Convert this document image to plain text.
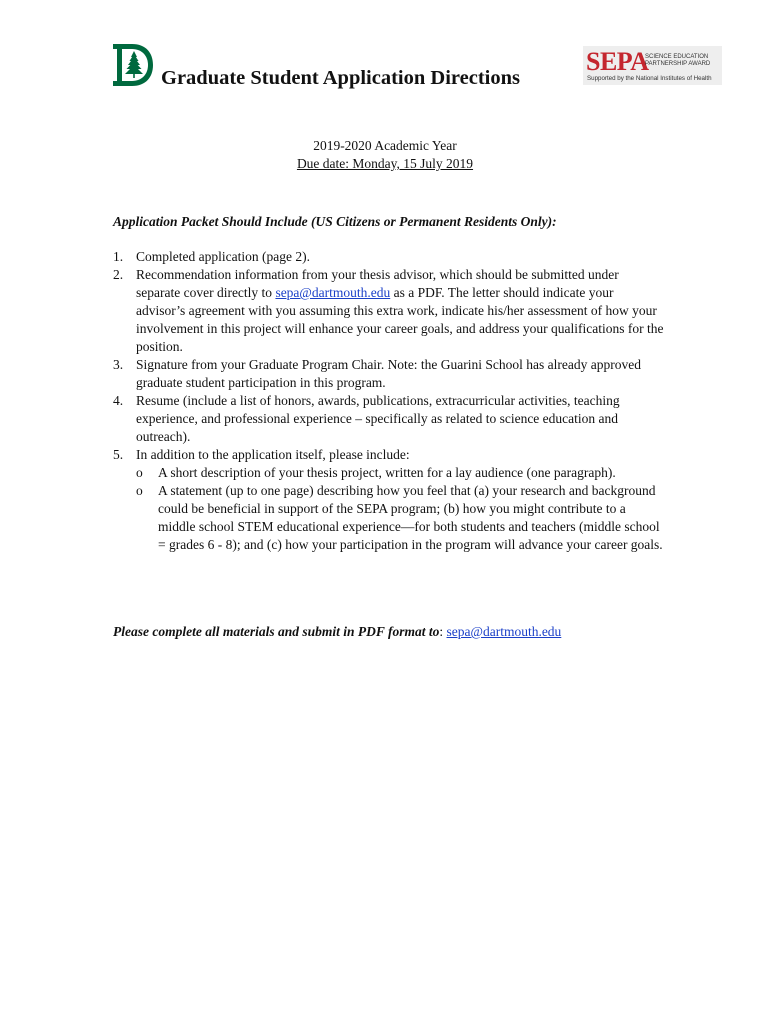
Graduate Student Application Directions
SEPA
SCIENCE EDUCATION
PARTNERSHIP AWARD
Supported by the National Institutes of Health
2019-2020 Academic Year
Due date: Monday, 15 July 2019
Application Packet Should Include (US Citizens or Permanent Residents Only):
1. Completed application (page 2).
2. Recommendation information from your thesis advisor, which should be submitted under separate cover directly to sepa@dartmouth.edu as a PDF. The letter should indicate your advisor’s agreement with you assuming this extra work, indicate his/her assessment of how your involvement in this project will enhance your career goals, and address your qualifications for the position.
3. Signature from your Graduate Program Chair. Note: the Guarini School has already approved graduate student participation in this program.
4. Resume (include a list of honors, awards, publications, extracurricular activities, teaching experience, and professional experience – specifically as related to science education and outreach).
5. In addition to the application itself, please include:
o A short description of your thesis project, written for a lay audience (one paragraph).
o A statement (up to one page) describing how you feel that (a) your research and background could be beneficial in support of the SEPA program; (b) how you might contribute to a middle school STEM educational experience—for both students and teachers (middle school = grades 6 - 8); and (c) how your participation in the program will advance your career goals.
Please complete all materials and submit in PDF format to: sepa@dartmouth.edu
